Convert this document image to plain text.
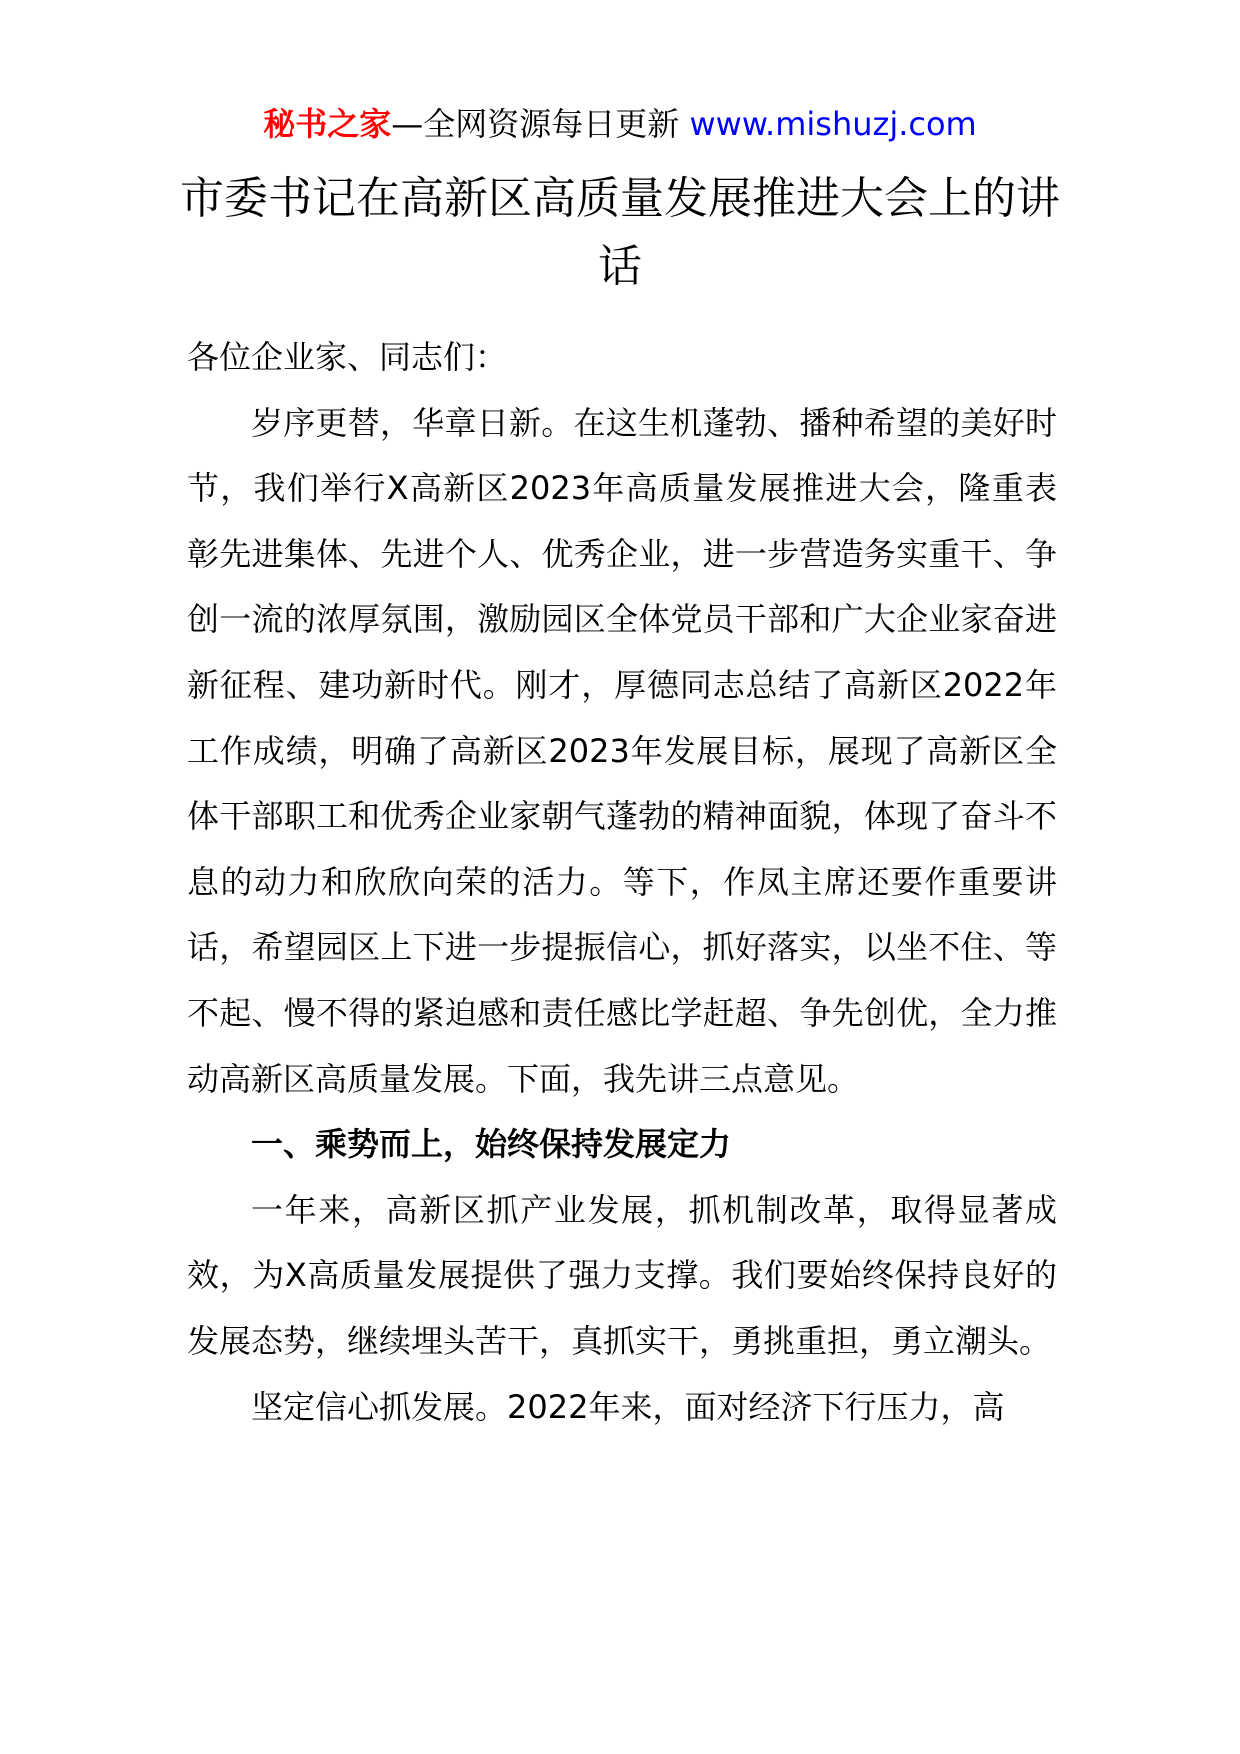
秘书之家—全网资源每日更新 www.mishuzj.com
市委书记在高新区高质量发展推进大会上的讲话

各位企业家、同志们：

岁序更替，华章日新。在这生机蓬勃、播种希望的美好时节，我们举行X高新区2023年高质量发展推进大会，隆重表彰先进集体、先进个人、优秀企业，进一步营造务实重干、争创一流的浓厚氛围，激励园区全体党员干部和广大企业家奋进新征程、建功新时代。刚才，厚德同志总结了高新区2022年工作成绩，明确了高新区2023年发展目标，展现了高新区全体干部职工和优秀企业家朝气蓬勃的精神面貌，体现了奋斗不息的动力和欣欣向荣的活力。等下，作凤主席还要作重要讲话，希望园区上下进一步提振信心，抓好落实，以坐不住、等不起、慢不得的紧迫感和责任感比学赶超、争先创优，全力推动高新区高质量发展。下面，我先讲三点意见。

一、乘势而上，始终保持发展定力

一年来，高新区抓产业发展，抓机制改革，取得显著成效，为X高质量发展提供了强力支撑。我们要始终保持良好的发展态势，继续埋头苦干，真抓实干，勇挑重担，勇立潮头。

坚定信心抓发展。2022年来，面对经济下行压力，高
